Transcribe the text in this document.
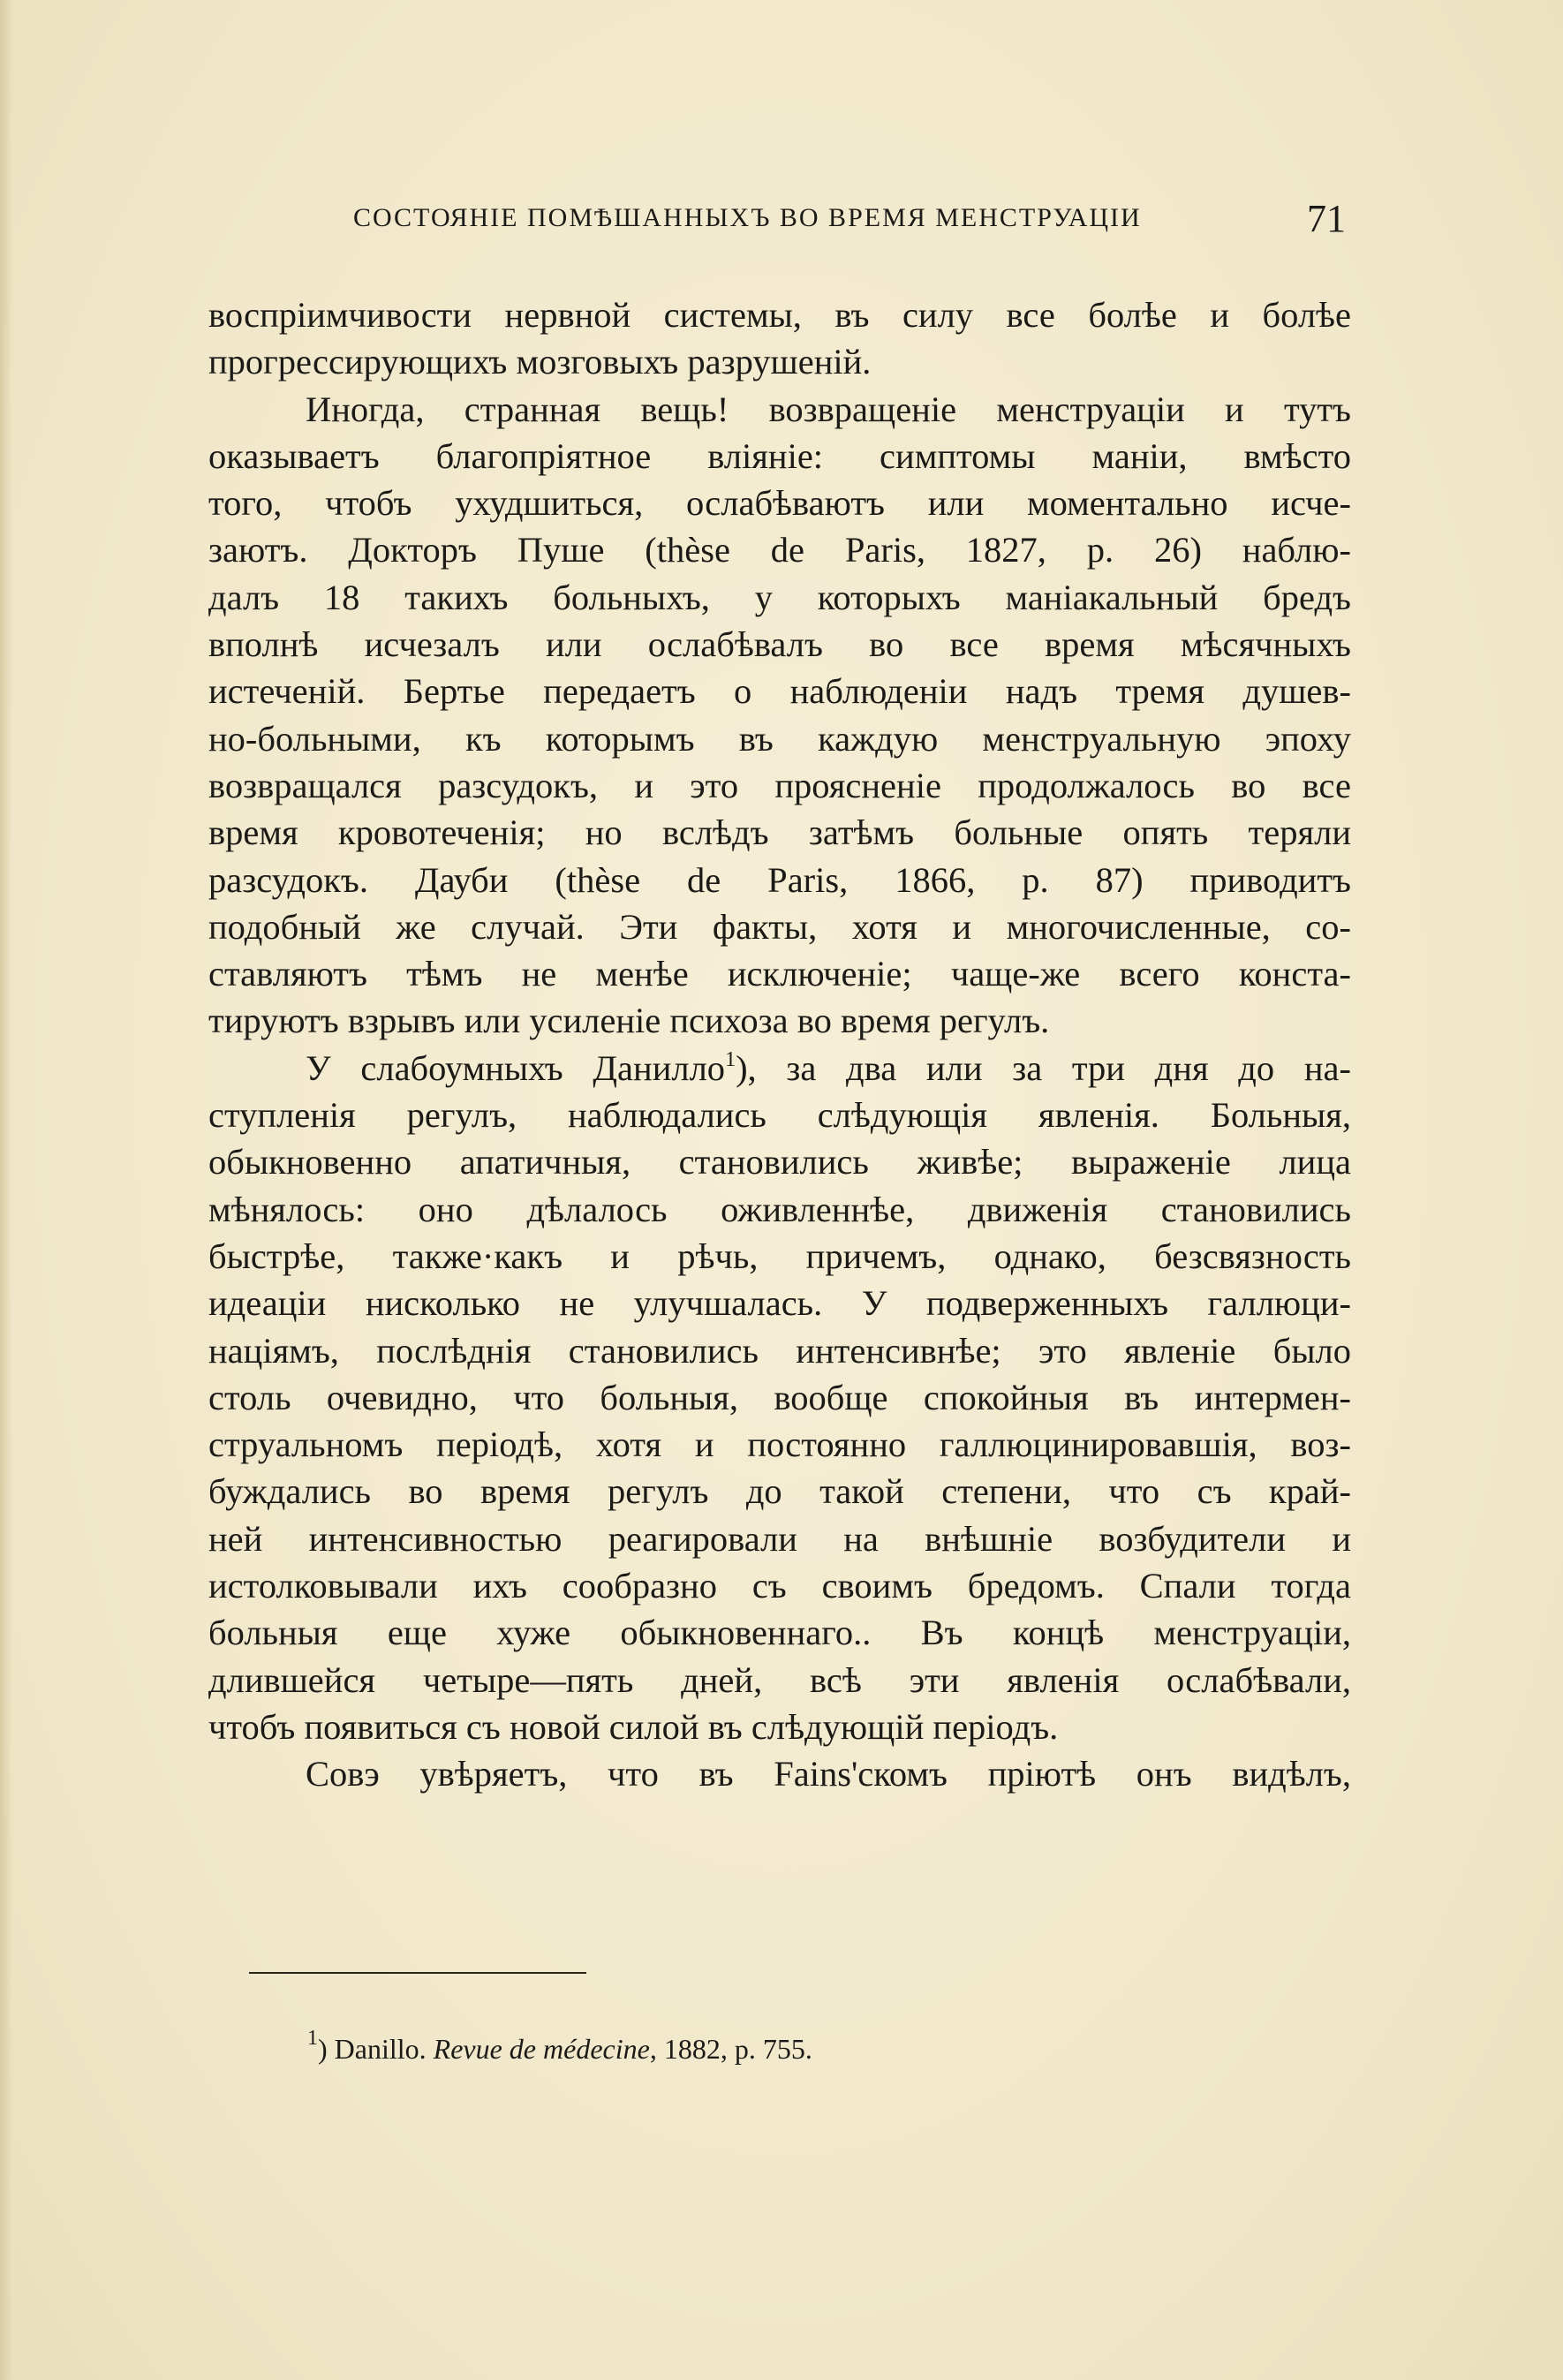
СОСТОЯНІЕ ПОМѢШАННЫХЪ ВО ВРЕМЯ МЕНСТРУАЦІИ	71
воспріимчивости нервной системы, въ силу все болѣе и болѣе
прогрессирующихъ мозговыхъ разрушеній.
Иногда, странная вещь! возвращеніе менструаціи и тутъ
оказываетъ благопріятное вліяніе: симптомы маніи, вмѣсто
того, чтобъ ухудшиться, ослабѣваютъ или моментально исче-
заютъ. Докторъ Пуше (thèse de Paris, 1827, p. 26) наблю-
далъ 18 такихъ больныхъ, у которыхъ маніакальный бредъ
вполнѣ исчезалъ или ослабѣвалъ во все время мѣсячныхъ
истеченій. Бертье передаетъ о наблюденіи надъ тремя душев-
но-больными, къ которымъ въ каждую менструальную эпоху
возвращался разсудокъ, и это проясненіе продолжалось во все
время кровотеченія; но вслѣдъ затѣмъ больные опять теряли
разсудокъ. Дауби (thèse de Paris, 1866, p. 87) приводитъ
подобный же случай. Эти факты, хотя и многочисленные, со-
ставляютъ тѣмъ не менѣе исключеніе; чаще-же всего конста-
тируютъ взрывъ или усиленіе психоза во время регулъ.
У слабоумныхъ Данилло$^1$), за два или за три дня до на-
ступленія регулъ, наблюдались слѣдующія явленія. Больныя,
обыкновенно апатичныя, становились живѣе; выраженіе лица
мѣнялось: оно дѣлалось оживленнѣе, движенія становились
быстрѣе, также·какъ и рѣчь, причемъ, однако, безсвязность
идеаціи нисколько не улучшалась. У подверженныхъ галлюци-
націямъ, послѣднія становились интенсивнѣе; это явленіе было
столь очевидно, что больныя, вообще спокойныя въ интермен-
струальномъ періодѣ, хотя и постоянно галлюцинировавшія, воз-
буждались во время регулъ до такой степени, что съ край-
ней интенсивностью реагировали на внѣшніе возбудители и
истолковывали ихъ сообразно съ своимъ бредомъ. Спали тогда
больныя еще хуже обыкновеннаго.. Въ концѣ менструаціи,
длившейся четыре—пять дней, всѣ эти явленія ослабѣвали,
чтобъ появиться съ новой силой въ слѣдующій періодъ.
Совэ увѣряетъ, что въ Fains'скомъ пріютѣ онъ видѣлъ,
$^1$) Danillo. Revue de médecine, 1882, p. 755.
